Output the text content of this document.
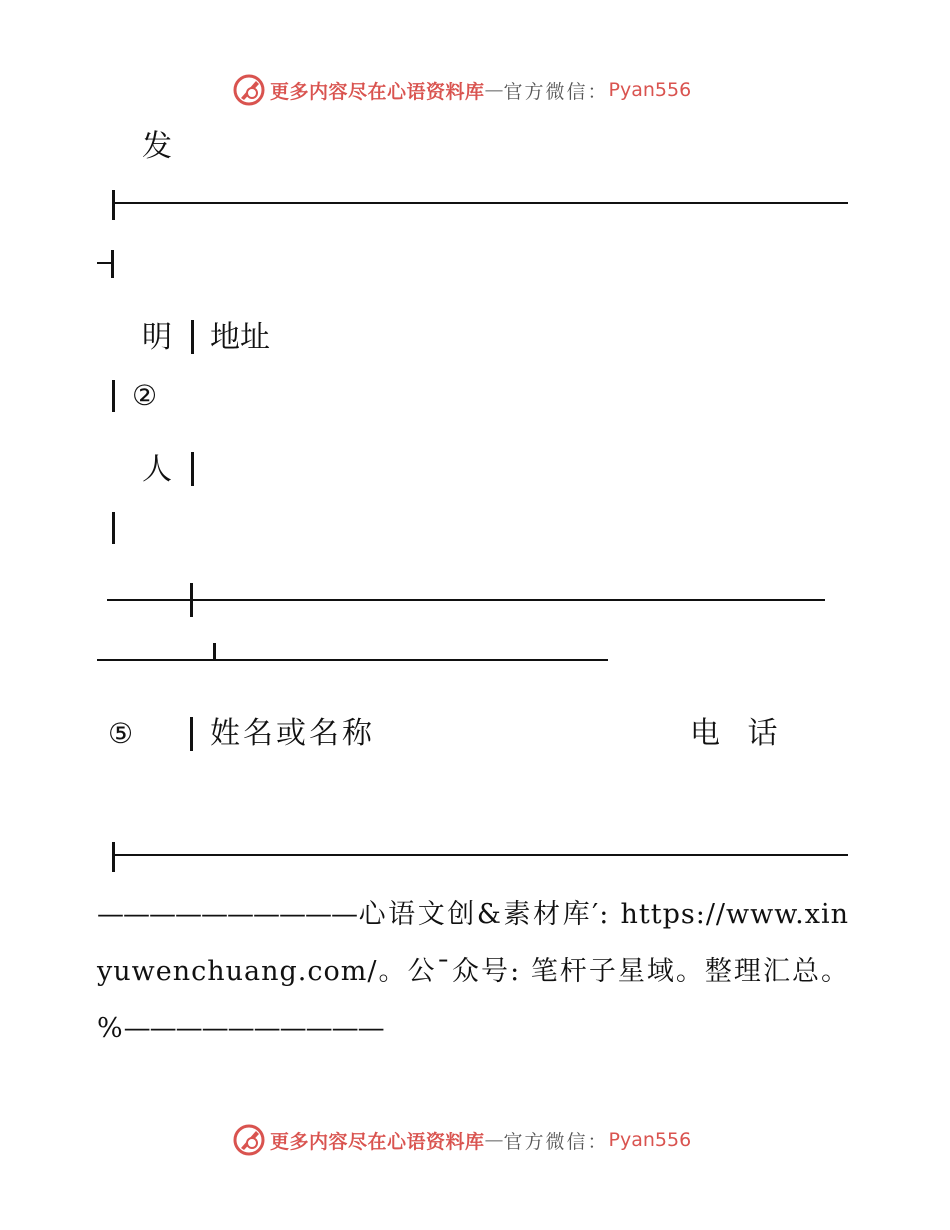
更多内容尽在心语资料库 — 官方微信： Pyan556
发
明 地址
②
人
⑤	姓名或名称	电 话
——————————心语文创&素材库′: https://www.xinyuwenchuang.com/。公¯众号: 笔杆子星域。整理汇总。%——————————
更多内容尽在心语资料库 — 官方微信： Pyan556
